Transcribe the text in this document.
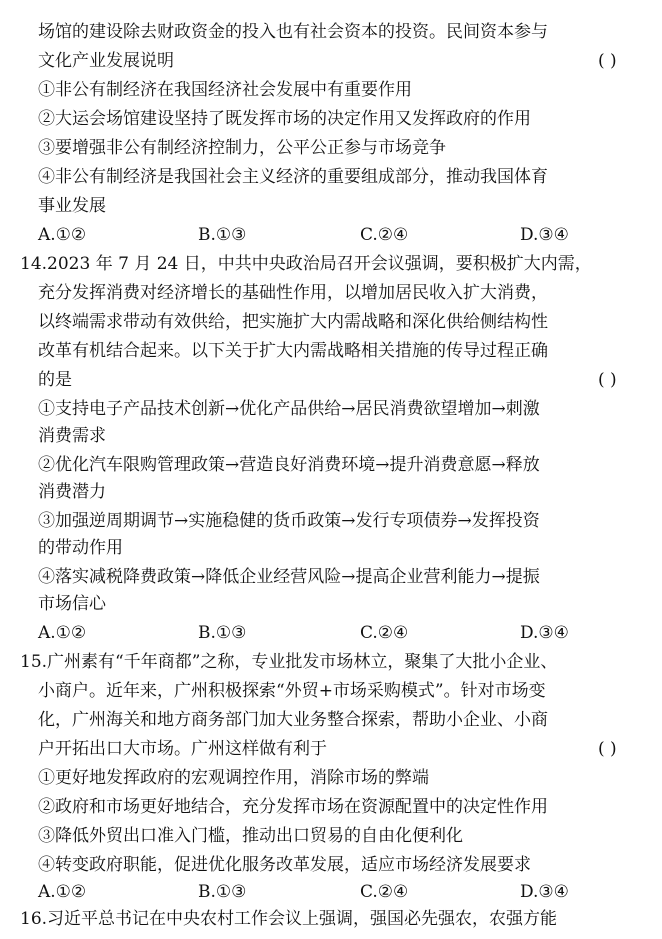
场馆的建设除去财政资金的投入也有社会资本的投资。民间资本参与
文化产业发展说明	( )
①非公有制经济在我国经济社会发展中有重要作用
②大运会场馆建设坚持了既发挥市场的决定作用又发挥政府的作用
③要增强非公有制经济控制力，公平公正参与市场竞争
④非公有制经济是我国社会主义经济的重要组成部分，推动我国体育
事业发展
A.①②	B.①③	C.②④	D.③④
14.2023 年 7 月 24 日，中共中央政治局召开会议强调，要积极扩大内需，
充分发挥消费对经济增长的基础性作用，以增加居民收入扩大消费，
以终端需求带动有效供给，把实施扩大内需战略和深化供给侧结构性
改革有机结合起来。以下关于扩大内需战略相关措施的传导过程正确
的是	( )
①支持电子产品技术创新→优化产品供给→居民消费欲望增加→刺激
消费需求
②优化汽车限购管理政策→营造良好消费环境→提升消费意愿→释放
消费潜力
③加强逆周期调节→实施稳健的货币政策→发行专项债券→发挥投资
的带动作用
④落实减税降费政策→降低企业经营风险→提高企业营利能力→提振
市场信心
A.①②	B.①③	C.②④	D.③④
15.广州素有“千年商都”之称，专业批发市场林立，聚集了大批小企业、
小商户。近年来，广州积极探索“外贸+市场采购模式”。针对市场变
化，广州海关和地方商务部门加大业务整合探索，帮助小企业、小商
户开拓出口大市场。广州这样做有利于	( )
①更好地发挥政府的宏观调控作用，消除市场的弊端
②政府和市场更好地结合，充分发挥市场在资源配置中的决定性作用
③降低外贸出口准入门槛，推动出口贸易的自由化便利化
④转变政府职能，促进优化服务改革发展，适应市场经济发展要求
A.①②	B.①③	C.②④	D.③④
16.习近平总书记在中央农村工作会议上强调，强国必先强农，农强方能
